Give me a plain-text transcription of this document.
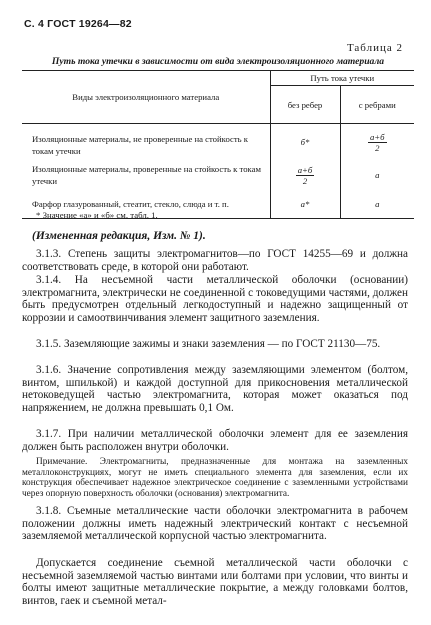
С. 4 ГОСТ 19264—82
Таблица 2
Путь тока утечки в зависимости от вида электроизоляционного материала
Виды электроизоляционного материала	Путь тока утечки	
	без ребер	с ребрами
Изоляционные материалы, не проверенные на стойкость к токам утечки	б*	$\frac{а+б}{2}$

Изоляционные материалы, проверенные на стойкость к токам утечки	$\frac{а+б}{2}$	а
Фарфор глазурованный, стеатит, стекло, слюда и т. п.	а*	а

* Значение «а» и «б» см. табл. 1.
(Измененная редакция, Изм. № 1).

3.1.3. Степень защиты электромагнитов—по ГОСТ 14255—69 и должна соответствовать среде, в которой они работают.

3.1.4. На несъемной части металлической оболочки (основании) электромагнита, электрически не соединенной с токоведущими частями, должен быть предусмотрен отдельный легкодоступный и надежно защищенный от коррозии и самоотвинчивания элемент защитного заземления.

3.1.5. Заземляющие зажимы и знаки заземления — по ГОСТ 21130—75.

3.1.6. Значение сопротивления между заземляющими элементом (болтом, винтом, шпилькой) и каждой доступной для прикосновения металлической нетоковедущей частью электромагнита, которая может оказаться под напряжением, не должна превышать 0,1 Ом.

3.1.7. При наличии металлической оболочки элемент для ее заземления должен быть расположен внутри оболочки.

Примечание. Электромагниты, предназначенные для монтажа на заземленных металлоконструкциях, могут не иметь специального элемента для заземления, если их конструкция обеспечивает надежное электрическое соединение с заземленными устройствами через опорную поверхность оболочки (основания) электромагнита.

3.1.8. Съемные металлические части оболочки электромагнита в рабочем положении должны иметь надежный электрический контакт с несъемной заземляемой металлической корпусной частью электромагнита.

Допускается соединение съемной металлической части оболочки с несъемной заземляемой частью винтами или болтами при условии, что винты и болты имеют защитные металлические покрытие, а между головками болтов, винтов, гаек и съемной метал-
